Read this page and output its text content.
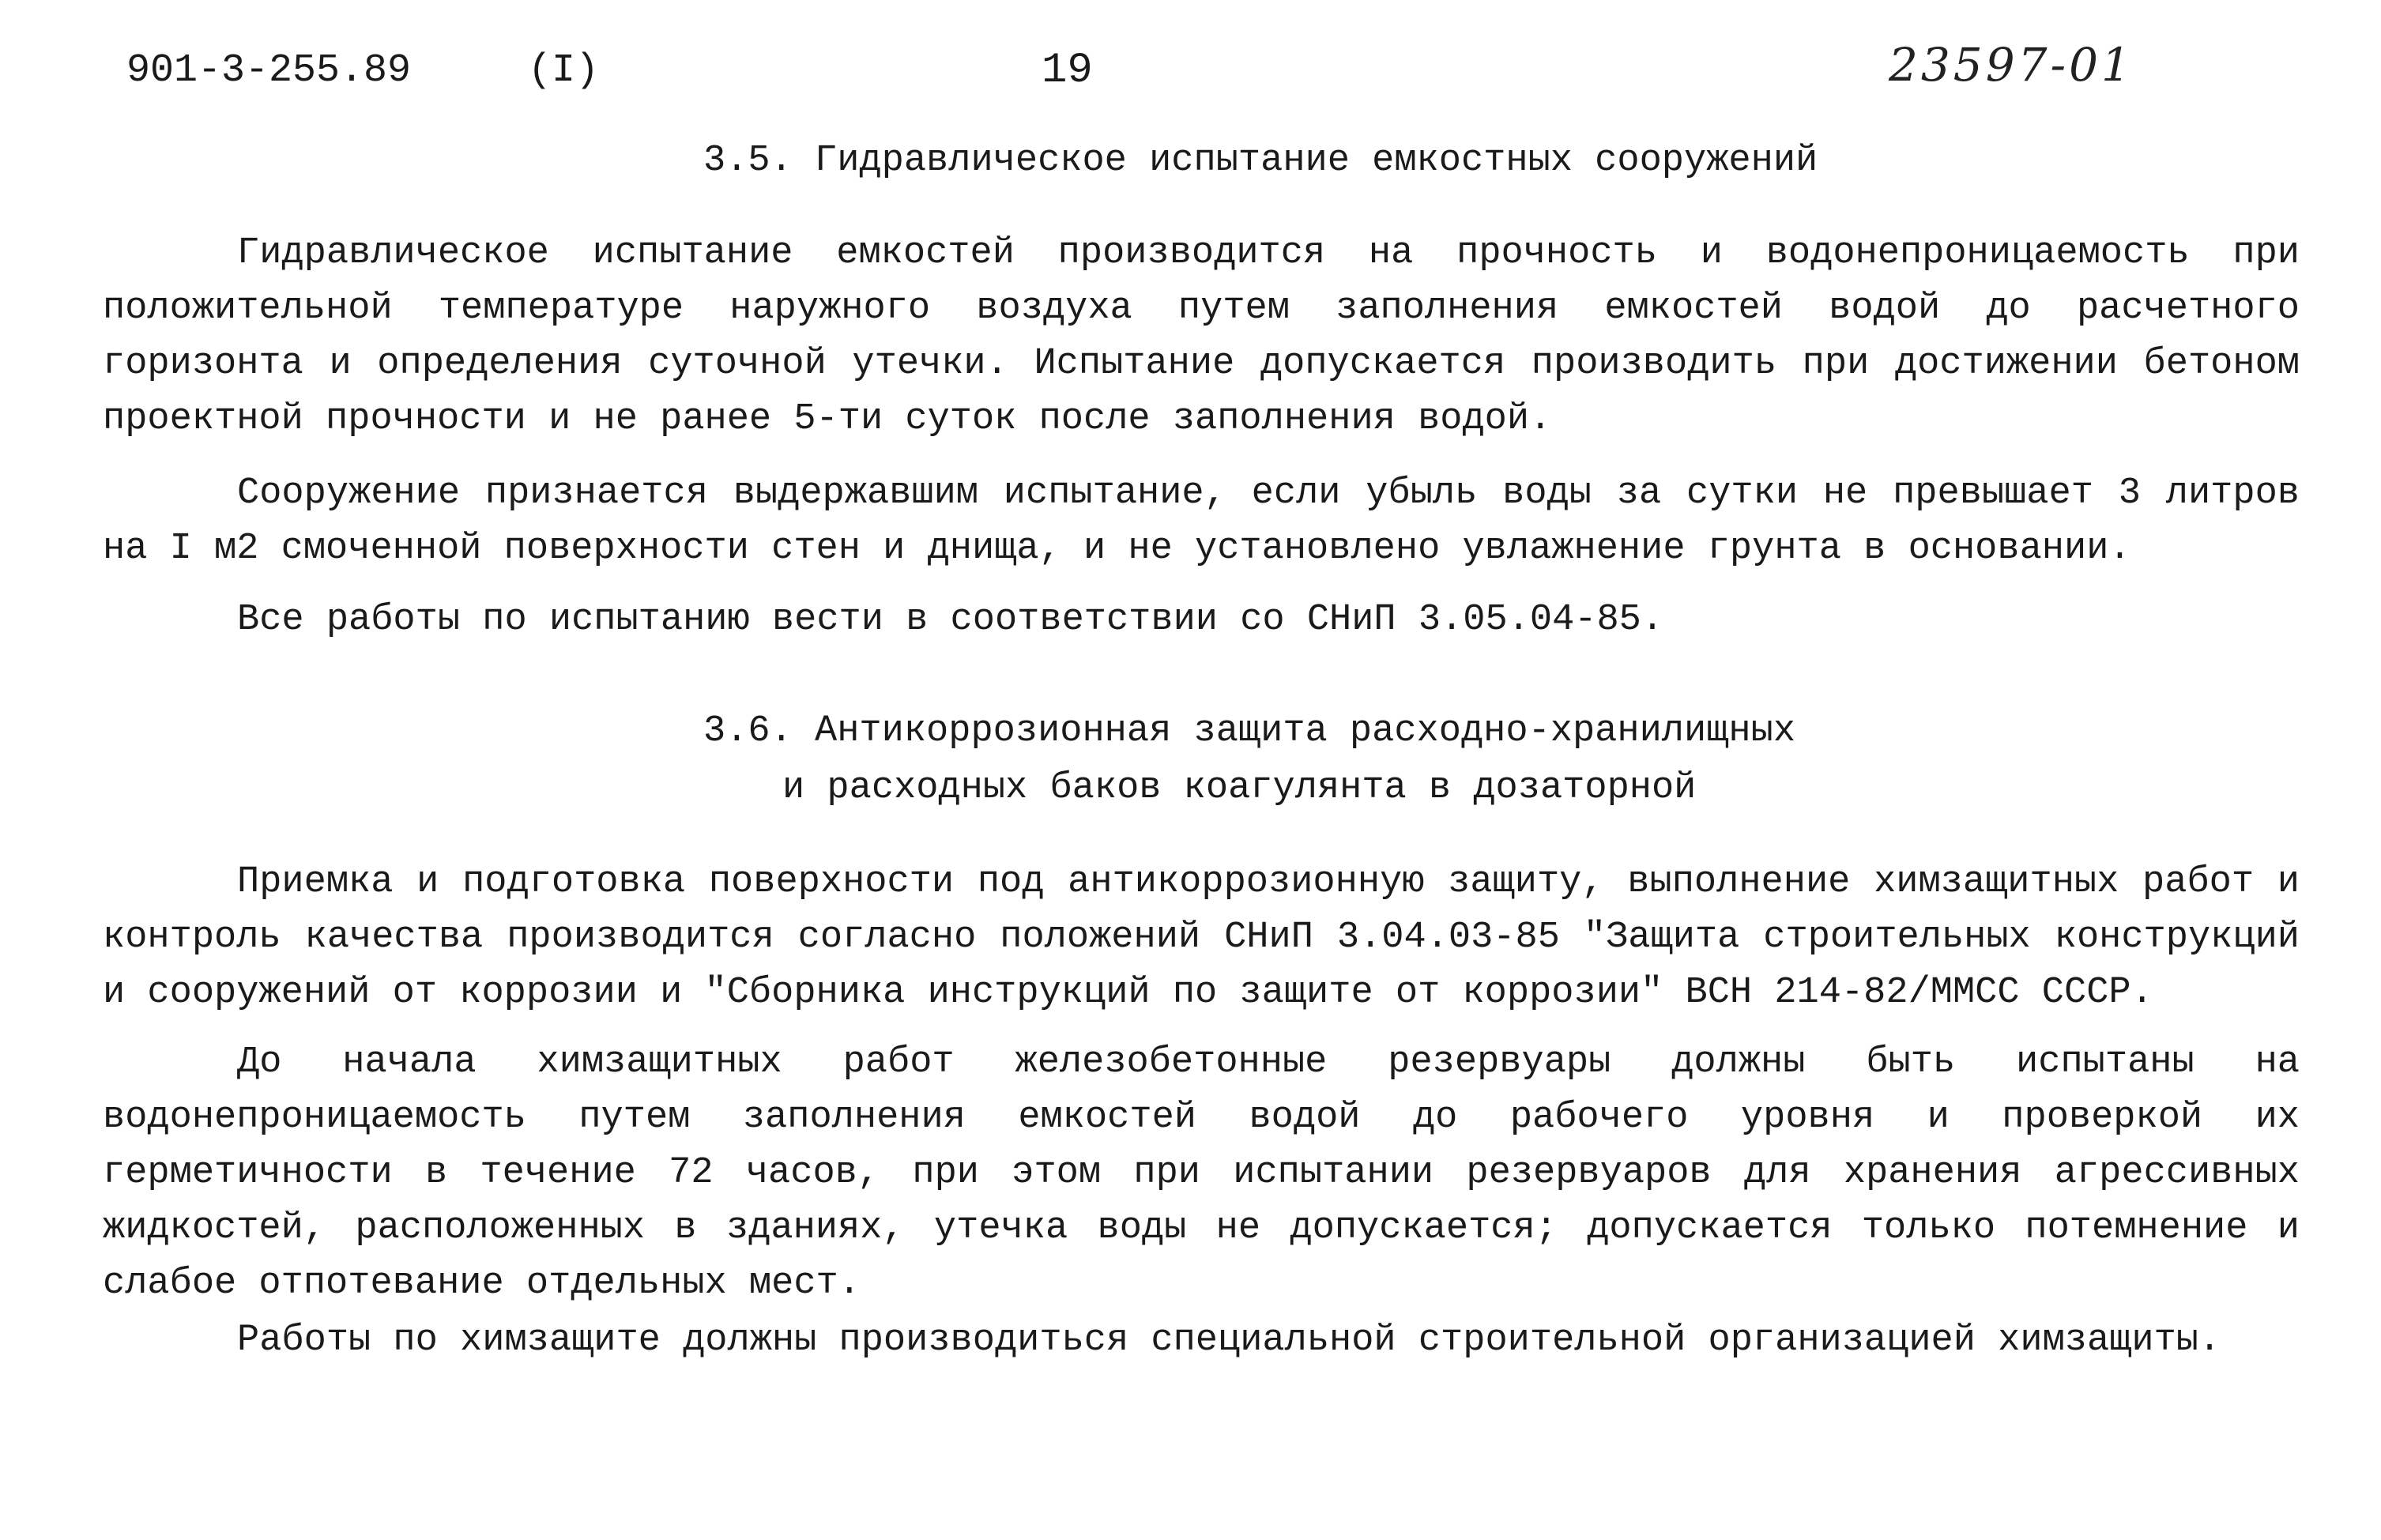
901-3-255.89	(I)	19	23597-01
3.5. Гидравлическое испытание емкостных сооружений

Гидравлическое испытание емкостей производится на прочность и водонепроницаемость при положительной температуре наружного воздуха путем заполнения емкостей водой до расчетного горизонта и определения суточной утечки. Испытание допускается производить при достижении бетоном проектной прочности и не ранее 5-ти суток после заполнения водой.

Сооружение признается выдержавшим испытание, если убыль воды за сутки не превышает 3 литров на I м2 смоченной поверхности стен и днища, и не установлено увлажнение грунта в основании.

Все работы по испытанию вести в соответствии со СНиП 3.05.04-85.

3.6. Антикоррозионная защита расходно-хранилищных
и расходных баков коагулянта в дозаторной

Приемка и подготовка поверхности под антикоррозионную защиту, выполнение химзащитных работ и контроль качества производится согласно положений СНиП 3.04.03-85 "Защита строительных конструкций и сооружений от коррозии и "Сборника инструкций по защите от коррозии" ВСН 214-82/ММСС СССР.

До начала химзащитных работ железобетонные резервуары должны быть испытаны на водонепроницаемость путем заполнения емкостей водой до рабочего уровня и проверкой их герметичности в течение 72 часов, при этом при испытании резервуаров для хранения агрессивных жидкостей, расположенных в зданиях, утечка воды не допускается; допускается только потемнение и слабое отпотевание отдельных мест.

Работы по химзащите должны производиться специальной строительной организацией химзащиты.
